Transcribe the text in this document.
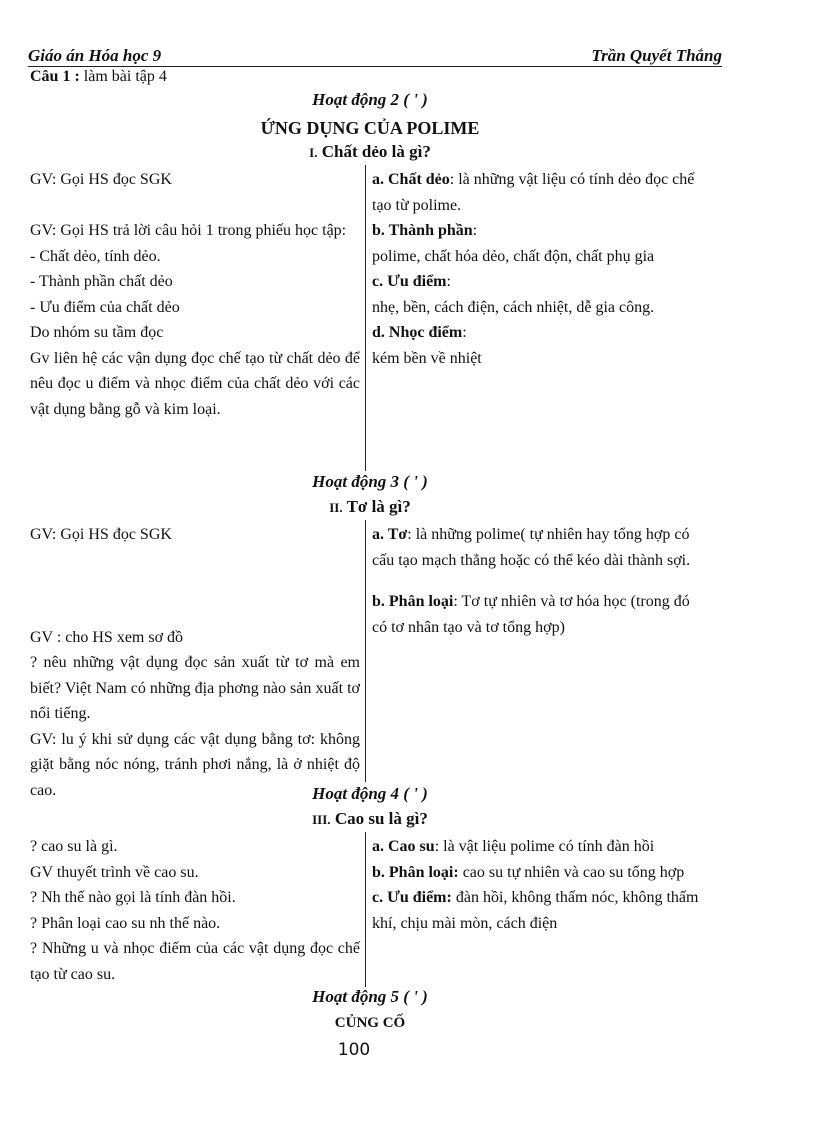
Giáo án Hóa học 9	Trần Quyết Thắng
Câu 1 : làm bài tập 4
Hoạt động 2 ( ' )
ỨNG DỤNG CỦA POLIME
I. Chất dẻo là gì?

GV: Gọi HS đọc SGK

GV: Gọi HS trả lời câu hỏi 1 trong phiếu học tập:

- Chất dẻo, tính dẻo.

- Thành phần chất dẻo

- Ưu điểm của chất dẻo

Do nhóm su tầm đọc

Gv liên hệ các vận dụng đọc chế tạo từ chất dẻo để nêu đọc u điểm và nhọc điểm của chất dẻo với các vật dụng bằng gỗ và kim loại.

a. Chất dẻo: là những vật liệu có tính dẻo đọc chế tạo từ polime.

b. Thành phần:

polime, chất hóa dẻo, chất độn, chất phụ gia

c. Ưu điểm:

nhẹ, bền, cách điện, cách nhiệt, dễ gia công.

d. Nhọc điểm:

kém bền về nhiệt

Hoạt động 3 ( ' )
II. Tơ là gì?

GV: Gọi HS đọc SGK

GV : cho HS xem sơ đồ

? nêu những vật dụng đọc sản xuất từ tơ mà em biết? Việt Nam có những địa phơng nào sản xuất tơ nổi tiếng.

GV: lu ý khi sử dụng các vật dụng bằng tơ: không giặt bằng nóc nóng, tránh phơi nắng, là ở nhiệt độ cao.

a. Tơ: là những polime( tự nhiên hay tổng hợp có cấu tạo mạch thẳng hoặc có thể kéo dài thành sợi.

b. Phân loại: Tơ tự nhiên và tơ hóa học (trong đó có tơ nhân tạo và tơ tổng hợp)

Hoạt động 4 ( ' )
III. Cao su là gì?

? cao su là gì.

GV thuyết trình về cao su.

? Nh thế nào gọi là tính đàn hồi.

? Phân loại cao su nh thế nào.

? Những u và nhọc điểm của các vật dụng đọc chế tạo từ cao su.

a. Cao su: là vật liệu polime có tính đàn hồi

b. Phân loại: cao su tự nhiên và cao su tổng hợp

c. Ưu điểm: đàn hồi, không thấm nóc, không thấm khí, chịu mài mòn, cách điện

Hoạt động 5 ( ' )
CỦNG CỐ
100
